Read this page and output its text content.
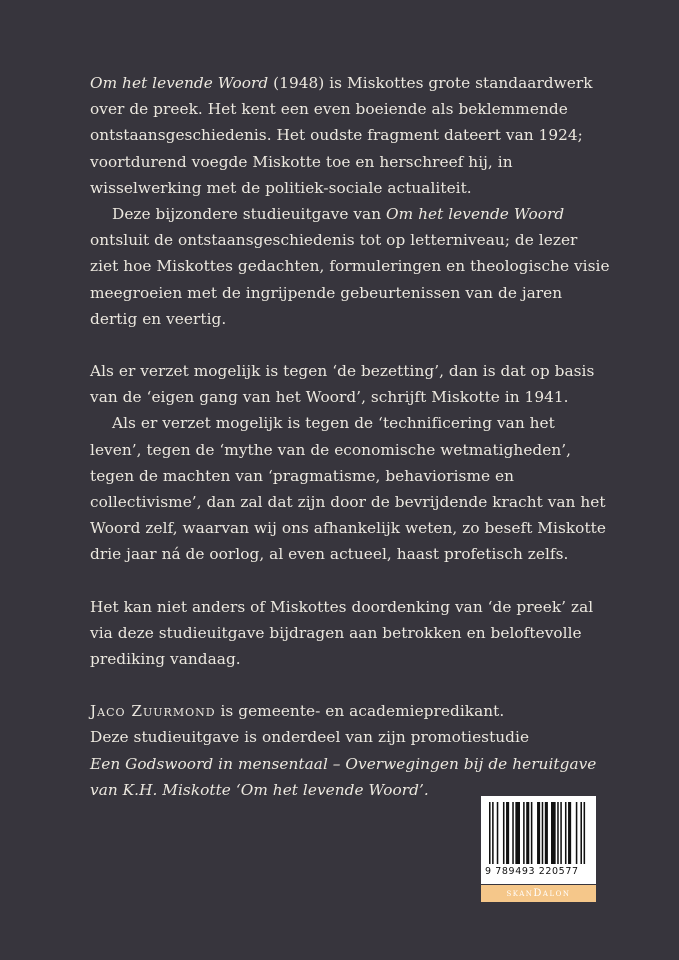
Om het levende Woord (1948) is Miskottes grote standaardwerk over de preek. Het kent een even boeiende als beklemmende ontstaansgeschiedenis. Het oudste fragment dateert van 1924; voortdurend voegde Miskotte toe en herschreef hij, in wisselwerking met de politiek-sociale actualiteit.

Deze bijzondere studieuitgave van Om het levende Woord ontsluit de ontstaansgeschiedenis tot op letterniveau; de lezer ziet hoe Miskottes gedachten, formuleringen en theologische visie meegroeien met de ingrijpende gebeurtenissen van de jaren dertig en veertig.

Als er verzet mogelijk is tegen ‘de bezetting’, dan is dat op basis van de ‘eigen gang van het Woord’, schrijft Miskotte in 1941.

Als er verzet mogelijk is tegen de ‘technificering van het leven’, tegen de ‘mythe van de economische wetmatigheden’, tegen de machten van ‘pragmatisme, behaviorisme en collectivisme’, dan zal dat zijn door de bevrijdende kracht van het Woord zelf, waarvan wij ons afhankelijk weten, zo beseft Miskotte drie jaar ná de oorlog, al even actueel, haast profetisch zelfs.

Het kan niet anders of Miskottes doordenking van ‘de preek’ zal via deze studieuitgave bijdragen aan betrokken en beloftevolle prediking vandaag.

Jaco Zuurmond is gemeente- en academiepredikant.
Deze studieuitgave is onderdeel van zijn promotiestudie
Een Godswoord in mensentaal – Overwegingen bij de heruitgave van K.H. Miskotte ‘Om het levende Woord’.

9 789493 220577
skanDalon
